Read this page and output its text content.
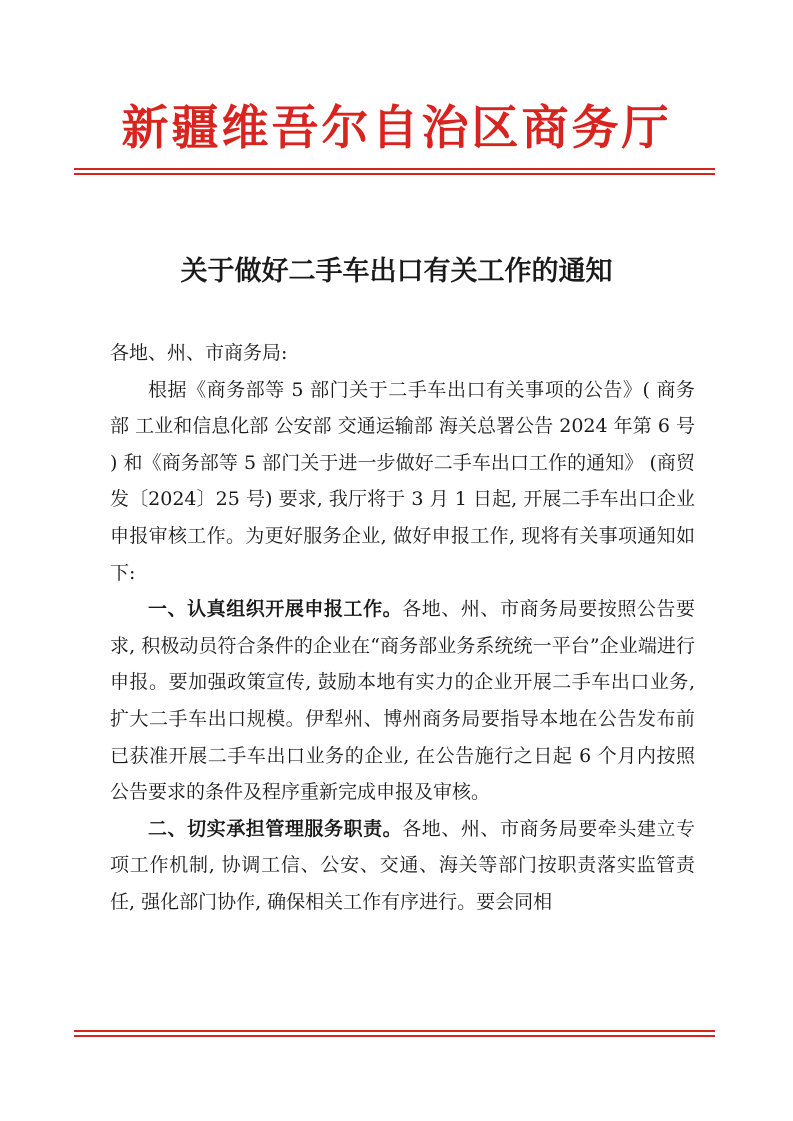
新疆维吾尔自治区商务厅
关于做好二手车出口有关工作的通知

各地、州、市商务局:

根据《商务部等 5 部门关于二手车出口有关事项的公告》( 商务部 工业和信息化部 公安部 交通运输部 海关总署公告 2024 年第 6 号 ) 和《商务部等 5 部门关于进一步做好二手车出口工作的通知》 (商贸发〔2024〕25 号) 要求, 我厅将于 3 月 1 日起, 开展二手车出口企业申报审核工作。为更好服务企业, 做好申报工作, 现将有关事项通知如下:

一、认真组织开展申报工作。各地、州、市商务局要按照公告要求, 积极动员符合条件的企业在“商务部业务系统统一平台”企业端进行申报。要加强政策宣传, 鼓励本地有实力的企业开展二手车出口业务, 扩大二手车出口规模。伊犁州、博州商务局要指导本地在公告发布前已获准开展二手车出口业务的企业, 在公告施行之日起 6 个月内按照公告要求的条件及程序重新完成申报及审核。

二、切实承担管理服务职责。各地、州、市商务局要牵头建立专项工作机制, 协调工信、公安、交通、海关等部门按职责落实监管责任, 强化部门协作, 确保相关工作有序进行。要会同相
